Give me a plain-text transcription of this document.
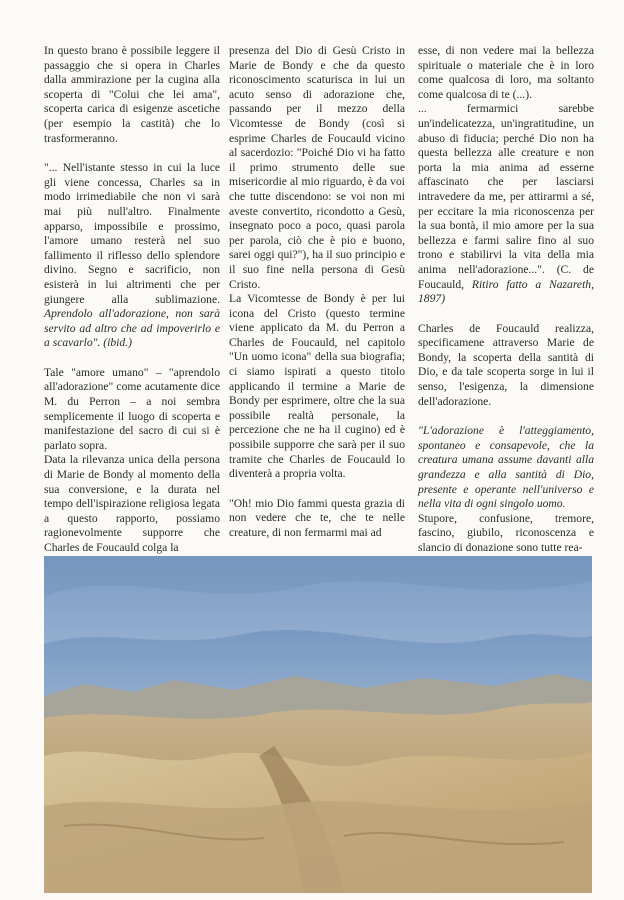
In questo brano è possibile leggere il passaggio che si opera in Charles dalla ammirazione per la cugina alla scoperta di "Colui che lei ama", scoperta carica di esigenze ascetiche (per esempio la castità) che lo trasformeranno.

"... Nell'istante stesso in cui la luce gli viene concessa, Charles sa in modo irrimediabile che non vi sarà mai più null'altro. Finalmente apparso, impossibile e prossimo, l'amore umano resterà nel suo fallimento il riflesso dello splendore divino. Segno e sacrificio, non esisterà in lui altrimenti che per giungere alla sublimazione. Aprendolo all'adorazione, non sarà servito ad altro che ad impoverirlo e a scavarlo". (ibid.)

Tale "amore umano" – "aprendolo all'adorazione" come acutamente dice M. du Perron – a noi sembra semplicemente il luogo di scoperta e manifestazione del sacro di cui si è parlato sopra.

Data la rilevanza unica della persona di Marie de Bondy al momento della sua conversione, e la durata nel tempo dell'ispirazione religiosa legata a questo rapporto, possiamo ragionevolmente supporre che Charles de Foucauld colga la

presenza del Dio di Gesù Cristo in Marie de Bondy e che da questo riconoscimento scaturisca in lui un acuto senso di adorazione che, passando per il mezzo della Vicomtesse de Bondy (così si esprime Charles de Foucauld vicino al sacerdozio: "Poiché Dio vi ha fatto il primo strumento delle sue misericordie al mio riguardo, è da voi che tutte discendono: se voi non mi aveste convertito, ricondotto a Gesù, insegnato poco a poco, quasi parola per parola, ciò che è pio e buono, sarei oggi qui?"), ha il suo principio e il suo fine nella persona di Gesù Cristo.

La Vicomtesse de Bondy è per lui icona del Cristo (questo termine viene applicato da M. du Perron a Charles de Foucauld, nel capitolo "Un uomo icona" della sua biografia; ci siamo ispirati a questo titolo applicando il termine a Marie de Bondy per esprimere, oltre che la sua possibile realtà personale, la percezione che ne ha il cugino) ed è possibile supporre che sarà per il suo tramite che Charles de Foucauld lo diventerà a propria volta.

"Oh! mio Dio fammi questa grazia di non vedere che te, che te nelle creature, di non fermarmi mai ad

esse, di non vedere mai la bellezza spirituale o materiale che è in loro come qualcosa di loro, ma soltanto come qualcosa di te (...).

... fermarmici sarebbe un'indelicatezza, un'ingratitudine, un abuso di fiducia; perché Dio non ha questa bellezza alle creature e non porta la mia anima ad esserne affascinato che per lasciarsi intravedere da me, per attirarmi a sé, per eccitare la mia riconoscenza per la sua bontà, il mio amore per la sua bellezza e farmi salire fino al suo trono e stabilirvi la vita della mia anima nell'adorazione...". (C. de Foucauld, Ritiro fatto a Nazareth, 1897)

Charles de Foucauld realizza, specificamene attraverso Marie de Bondy, la scoperta della santità di Dio, e da tale scoperta sorge in lui il senso, l'esigenza, la dimensione dell'adorazione.

"L'adorazione è l'atteggiamento, spontaneo e consapevole, che la creatura umana assume davanti alla grandezza e alla santità di Dio, presente e operante nell'universo e nella vita di ogni singolo uomo.

Stupore, confusione, tremore, fascino, giubilo, riconoscenza e slancio di donazione sono tutte rea-
